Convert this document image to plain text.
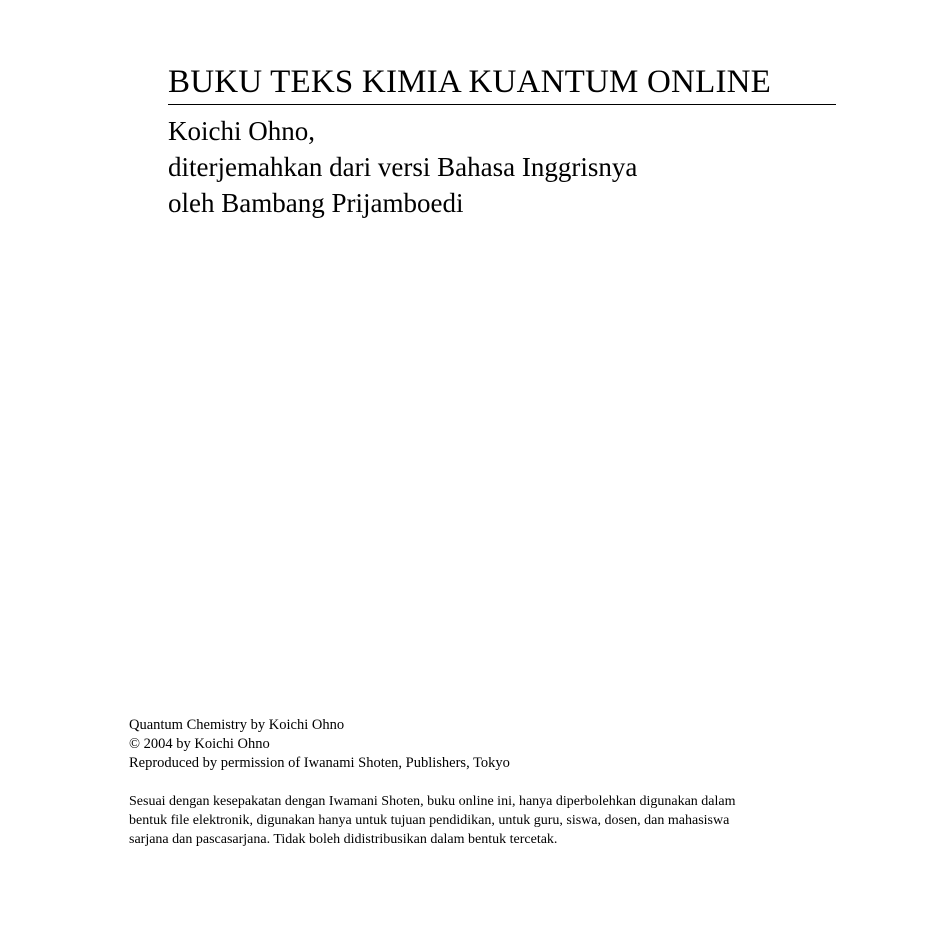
BUKU TEKS KIMIA KUANTUM ONLINE
Koichi Ohno,
diterjemahkan dari versi Bahasa Inggrisnya
oleh Bambang Prijamboedi
Quantum Chemistry by Koichi Ohno
© 2004 by Koichi Ohno
Reproduced by permission of Iwanami Shoten, Publishers, Tokyo
Sesuai dengan kesepakatan dengan Iwamani Shoten, buku online ini, hanya diperbolehkan digunakan dalam
bentuk file elektronik, digunakan hanya untuk tujuan pendidikan, untuk guru, siswa, dosen, dan mahasiswa
sarjana dan pascasarjana. Tidak boleh didistribusikan dalam bentuk tercetak.
